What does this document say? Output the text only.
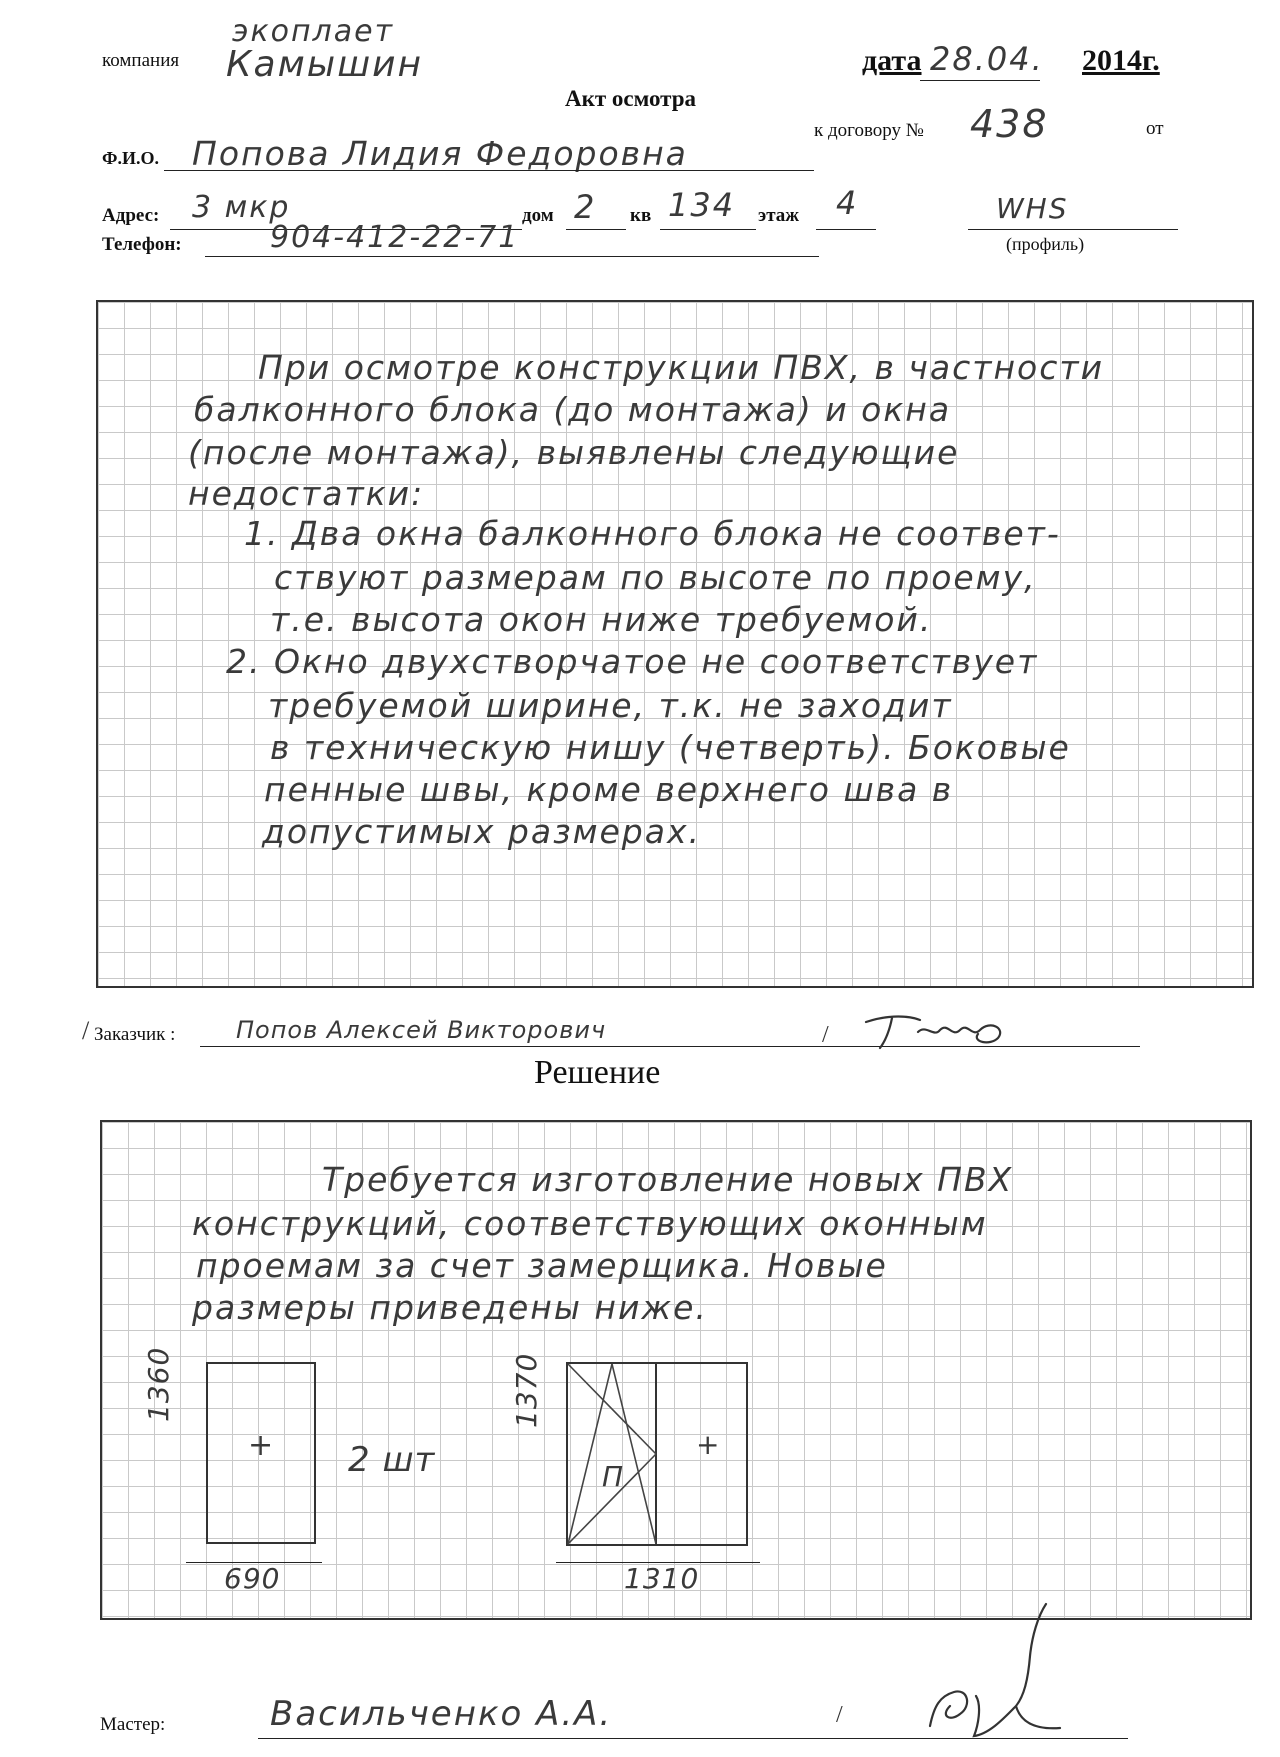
компания
экоплает
Камышин	дата 28.04. 2014г.
Акт осмотра
к договору № 438	от
Ф.И.О. Попова Лидия Федоровна
Адрес: 3 мкр	дом 2 кв 134 этаж 4	WHS
(профиль)
Телефон:	904-412-22-71
При осмотре конструкции ПВХ, в частности
балконного блока (до монтажа) и окна
(после монтажа), выявлены следующие
недостатки:
1. Два окна балконного блока не соответ-
ствуют размерам по высоте по проему,
т.е. высота окон ниже требуемой.
2. Окно двухстворчатое не соответствует
требуемой ширине, т.к. не заходит
в техническую нишу (четверть). Боковые
пенные швы, кроме верхнего шва в
допустимых размерах.
/ Заказчик :	Попов Алексей Викторович	/
Решение
Требуется изготовление новых ПВХ
конструкций, соответствующих оконным
проемам за счет замерщика. Новые
размеры приведены ниже.
+
1360
690
2 шт	П
+
1370
1310
Мастер:	Васильченко А.А.	/
